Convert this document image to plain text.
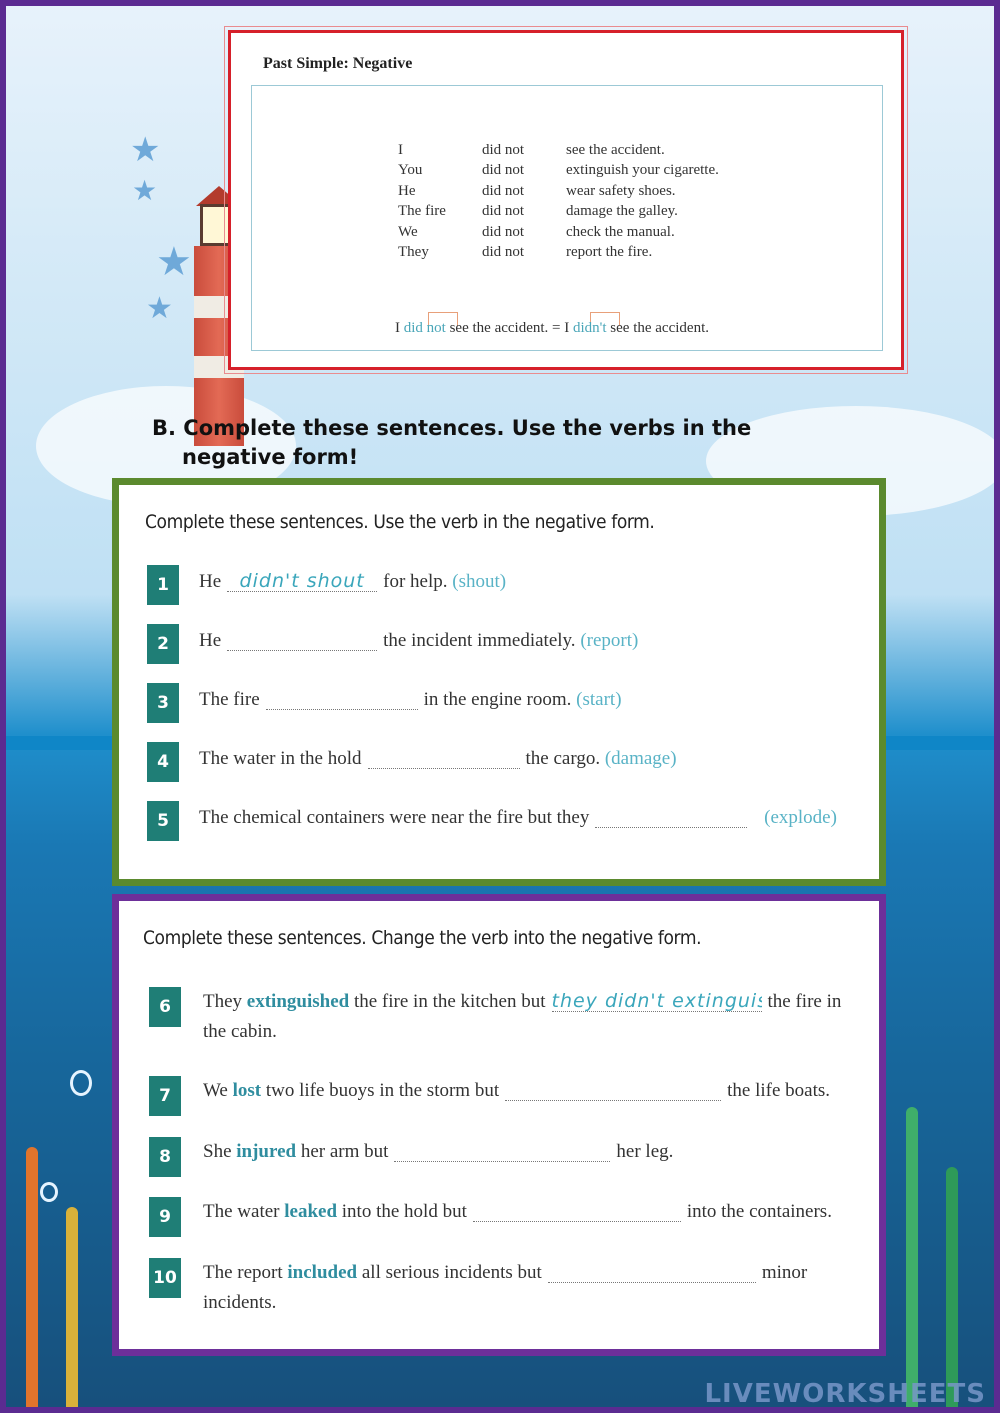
★
★
★
★
Past Simple: Negative
I	did not	see the accident.
You	did not	extinguish your cigarette.
He	did not	wear safety shoes.
The fire	did not	damage the galley.
We	did not	check the manual.
They	did not	report the fire.
I did not see the accident. = I didn't see the accident.
B. Complete these sentences. Use the verbs in the
negative form!
Complete these sentences. Use the verb in the negative form.
1	Hedidn't shout	for help. (shout)
2	He	the incident immediately. (report)
3	The fire	in the engine room. (start)
4	The water in the hold	the cargo. (damage)
5	The chemical containers were near the fire but they	(explode)
Complete these sentences. Change the verb into the negative form.
6	They extinguished the fire in the kitchen butthey didn't extinguish	the fire in
the cabin.
7	We lost two life buoys in the storm but	the life boats.
8	She injured her arm but	her leg.
9	The water leaked into the hold but	into the containers.
10 The report included all serious incidents but	minor
incidents.
LIVEWORKSHEETS
